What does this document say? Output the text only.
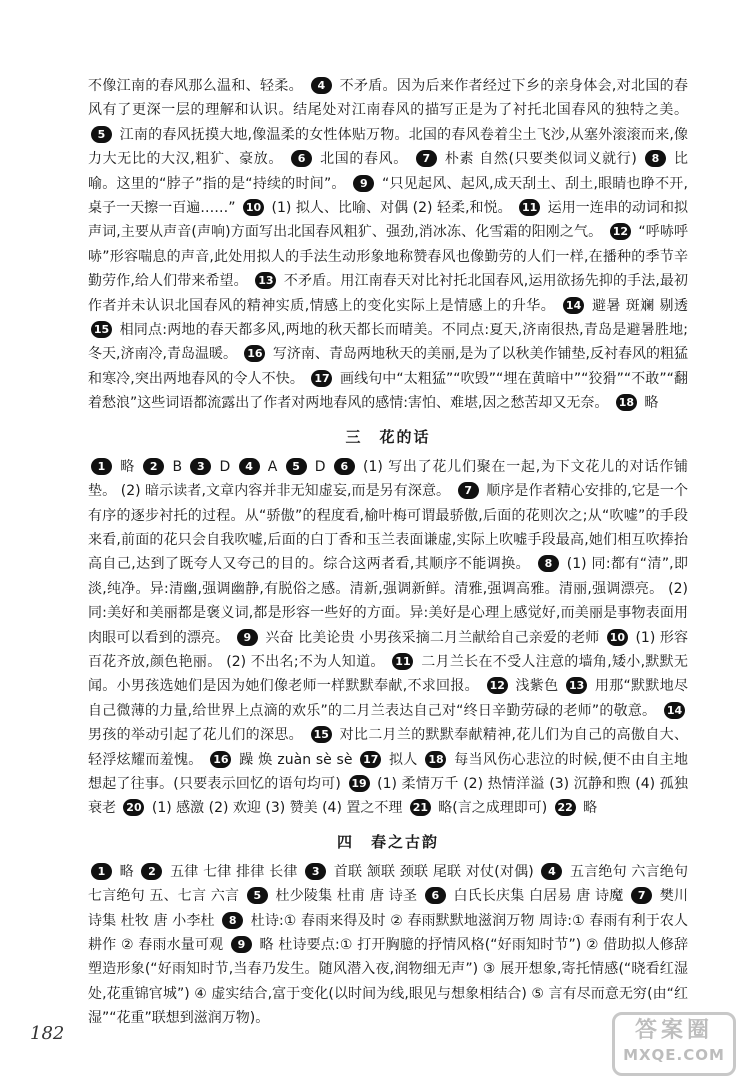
不像江南的春风那么温和、轻柔。 4 不矛盾。因为后来作者经过下乡的亲身体会,对北国的春风有了更深一层的理解和认识。结尾处对江南春风的描写正是为了衬托北国春风的独特之美。 5 江南的春风抚摸大地,像温柔的女性体贴万物。北国的春风卷着尘土飞沙,从塞外滚滚而来,像力大无比的大汉,粗犷、豪放。 6 北国的春风。 7 朴素 自然(只要类似词义就行) 8 比喻。这里的“脖子”指的是“持续的时间”。 9 “只见起风、起风,成天刮土、刮土,眼睛也睁不开,桌子一天擦一百遍……” 10 (1) 拟人、比喻、对偶 (2) 轻柔,和悦。 11 运用一连串的动词和拟声词,主要从声音(声响)方面写出北国春风粗犷、强劲,消冰冻、化雪霜的阳刚之气。 12 “呼哧呼哧”形容喘息的声音,此处用拟人的手法生动形象地称赞春风也像勤劳的人们一样,在播种的季节辛勤劳作,给人们带来希望。 13 不矛盾。用江南春天对比衬托北国春风,运用欲扬先抑的手法,最初作者并未认识北国春风的精神实质,情感上的变化实际上是情感上的升华。 14 避暑 斑斓 剔透 15 相同点:两地的春天都多风,两地的秋天都长而晴美。不同点:夏天,济南很热,青岛是避暑胜地;冬天,济南冷,青岛温暖。 16 写济南、青岛两地秋天的美丽,是为了以秋美作铺垫,反衬春风的粗猛和寒冷,突出两地春风的令人不快。 17 画线句中“太粗猛”“吹毁”“埋在黄暗中”“狡猾”“不敢”“翻着愁浪”这些词语都流露出了作者对两地春风的感情:害怕、难堪,因之愁苦却又无奈。 18 略

三　花的话

1 略 2 B 3 D 4 A 5 D 6 (1) 写出了花儿们聚在一起,为下文花儿的对话作铺垫。 (2) 暗示读者,文章内容并非无知虚妄,而是另有深意。 7 顺序是作者精心安排的,它是一个有序的逐步衬托的过程。从“骄傲”的程度看,榆叶梅可谓最骄傲,后面的花则次之;从“吹嘘”的手段来看,前面的花只会自我吹嘘,后面的白丁香和玉兰表面谦虚,实际上吹嘘手段最高,她们相互吹捧抬高自己,达到了既夸人又夸己的目的。综合这两者看,其顺序不能调换。 8 (1) 同:都有“清”,即淡,纯净。异:清幽,强调幽静,有脱俗之感。清新,强调新鲜。清雅,强调高雅。清丽,强调漂亮。 (2) 同:美好和美丽都是褒义词,都是形容一些好的方面。异:美好是心理上感觉好,而美丽是事物表面用肉眼可以看到的漂亮。 9 兴奋 比美论贵 小男孩采摘二月兰献给自己亲爱的老师 10 (1) 形容百花齐放,颜色艳丽。 (2) 不出名;不为人知道。 11 二月兰长在不受人注意的墙角,矮小,默默无闻。小男孩选她们是因为她们像老师一样默默奉献,不求回报。 12 浅紫色 13 用那“默默地尽自己微薄的力量,给世界上点滴的欢乐”的二月兰表达自己对“终日辛勤劳碌的老师”的敬意。 14 男孩的举动引起了花儿们的深思。 15 对比二月兰的默默奉献精神,花儿们为自己的高傲自大、轻浮炫耀而羞愧。 16 躁 焕 zuàn sè sè 17 拟人 18 每当风伤心悲泣的时候,便不由自主地想起了往事。(只要表示回忆的语句均可) 19 (1) 柔情万千 (2) 热情洋溢 (3) 沉静和煦 (4) 孤独衰老 20 (1) 感激 (2) 欢迎 (3) 赞美 (4) 置之不理 21 略(言之成理即可) 22 略

四　春之古韵

1 略 2 五律 七律 排律 长律 3 首联 颔联 颈联 尾联 对仗(对偶) 4 五言绝句 六言绝句 七言绝句 五、七言 六言 5 杜少陵集 杜甫 唐 诗圣 6 白氏长庆集 白居易 唐 诗魔 7 樊川诗集 杜牧 唐 小李杜 8 杜诗:① 春雨来得及时 ② 春雨默默地滋润万物 周诗:① 春雨有利于农人耕作 ② 春雨水量可观 9 略 杜诗要点:① 打开胸臆的抒情风格(“好雨知时节”) ② 借助拟人修辞塑造形象(“好雨知时节,当春乃发生。随风潜入夜,润物细无声”) ③ 展开想象,寄托情感(“晓看红湿处,花重锦官城”) ④ 虚实结合,富于变化(以时间为线,眼见与想象相结合) ⑤ 言有尽而意无穷(由“红湿”“花重”联想到滋润万物)。

182	答案圈
MXQE.COM
